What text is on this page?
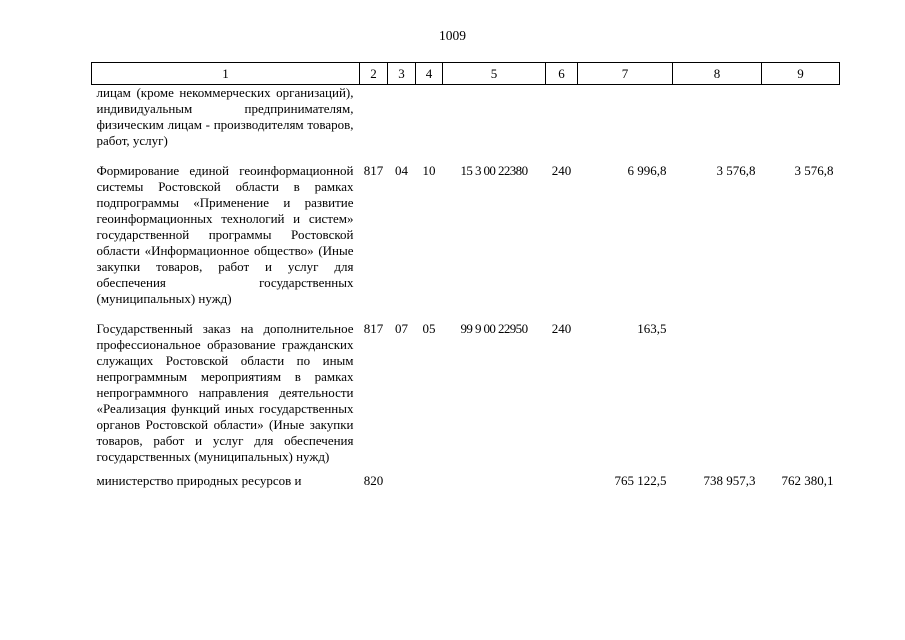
1009
1	2	3	4	5	6	7	8	9
лицам (кроме некоммерческих организаций), индивидуальным предпринимателям, физическим лицам - производителям товаров, работ, услуг)								
Формирование единой геоинформационной системы Ростовской области в рамках подпрограммы «Применение и развитие геоинформационных технологий и систем» государственной программы Ростовской области «Информационное общество» (Иные закупки товаров, работ и услуг для обеспечения государственных (муниципальных) нужд)	817	04	10	15 3 00 22380	240	6 996,8	3 576,8	3 576,8
Государственный заказ на дополнительное профессиональное образование гражданских служащих Ростовской области по иным непрограммным мероприятиям в рамках непрограммного направления деятельности «Реализация функций иных государственных органов Ростовской области» (Иные закупки товаров, работ и услуг для обеспечения государственных (муниципальных) нужд)	817	07	05	99 9 00 22950	240	163,5		
министерство природных ресурсов и	820					765 122,5	738 957,3	762 380,1
